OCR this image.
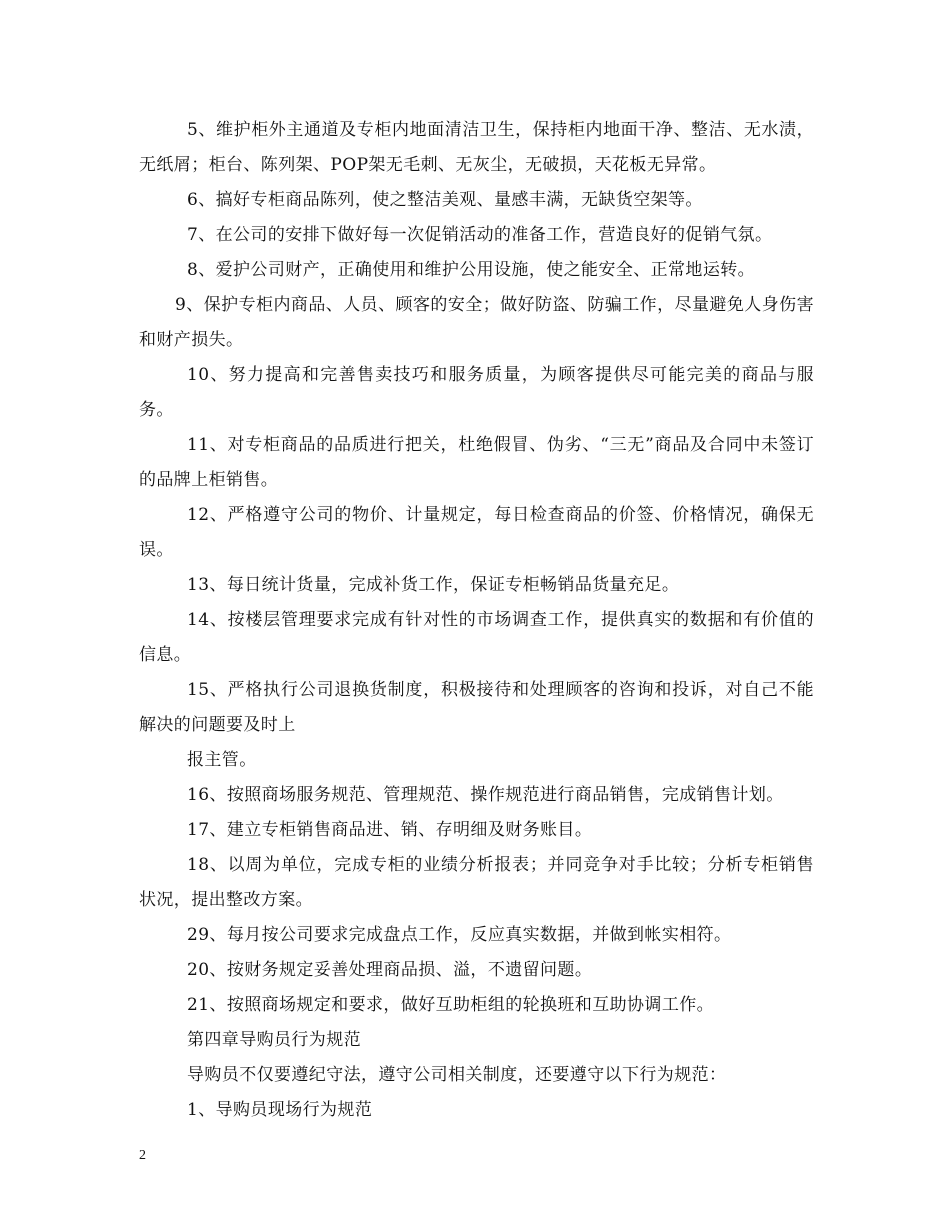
5、维护柜外主通道及专柜内地面清洁卫生，保持柜内地面干净、整洁、无水渍，无纸屑；柜台、陈列架、POP架无毛刺、无灰尘，无破损，天花板无异常。

6、搞好专柜商品陈列，使之整洁美观、量感丰满，无缺货空架等。

7、在公司的安排下做好每一次促销活动的准备工作，营造良好的促销气氛。

8、爱护公司财产，正确使用和维护公用设施，使之能安全、正常地运转。

9、保护专柜内商品、人员、顾客的安全；做好防盗、防骗工作，尽量避免人身伤害和财产损失。

10、努力提高和完善售卖技巧和服务质量，为顾客提供尽可能完美的商品与服务。

11、对专柜商品的品质进行把关，杜绝假冒、伪劣、“三无”商品及合同中未签订的品牌上柜销售。

12、严格遵守公司的物价、计量规定，每日检查商品的价签、价格情况，确保无误。

13、每日统计货量，完成补货工作，保证专柜畅销品货量充足。

14、按楼层管理要求完成有针对性的市场调查工作，提供真实的数据和有价值的信息。

15、严格执行公司退换货制度，积极接待和处理顾客的咨询和投诉，对自己不能解决的问题要及时上

报主管。

16、按照商场服务规范、管理规范、操作规范进行商品销售，完成销售计划。

17、建立专柜销售商品进、销、存明细及财务账目。

18、以周为单位，完成专柜的业绩分析报表；并同竞争对手比较；分析专柜销售状况，提出整改方案。

29、每月按公司要求完成盘点工作，反应真实数据，并做到帐实相符。

20、按财务规定妥善处理商品损、溢，不遗留问题。

21、按照商场规定和要求，做好互助柜组的轮换班和互助协调工作。

第四章导购员行为规范

导购员不仅要遵纪守法，遵守公司相关制度，还要遵守以下行为规范：

1、导购员现场行为规范

2
